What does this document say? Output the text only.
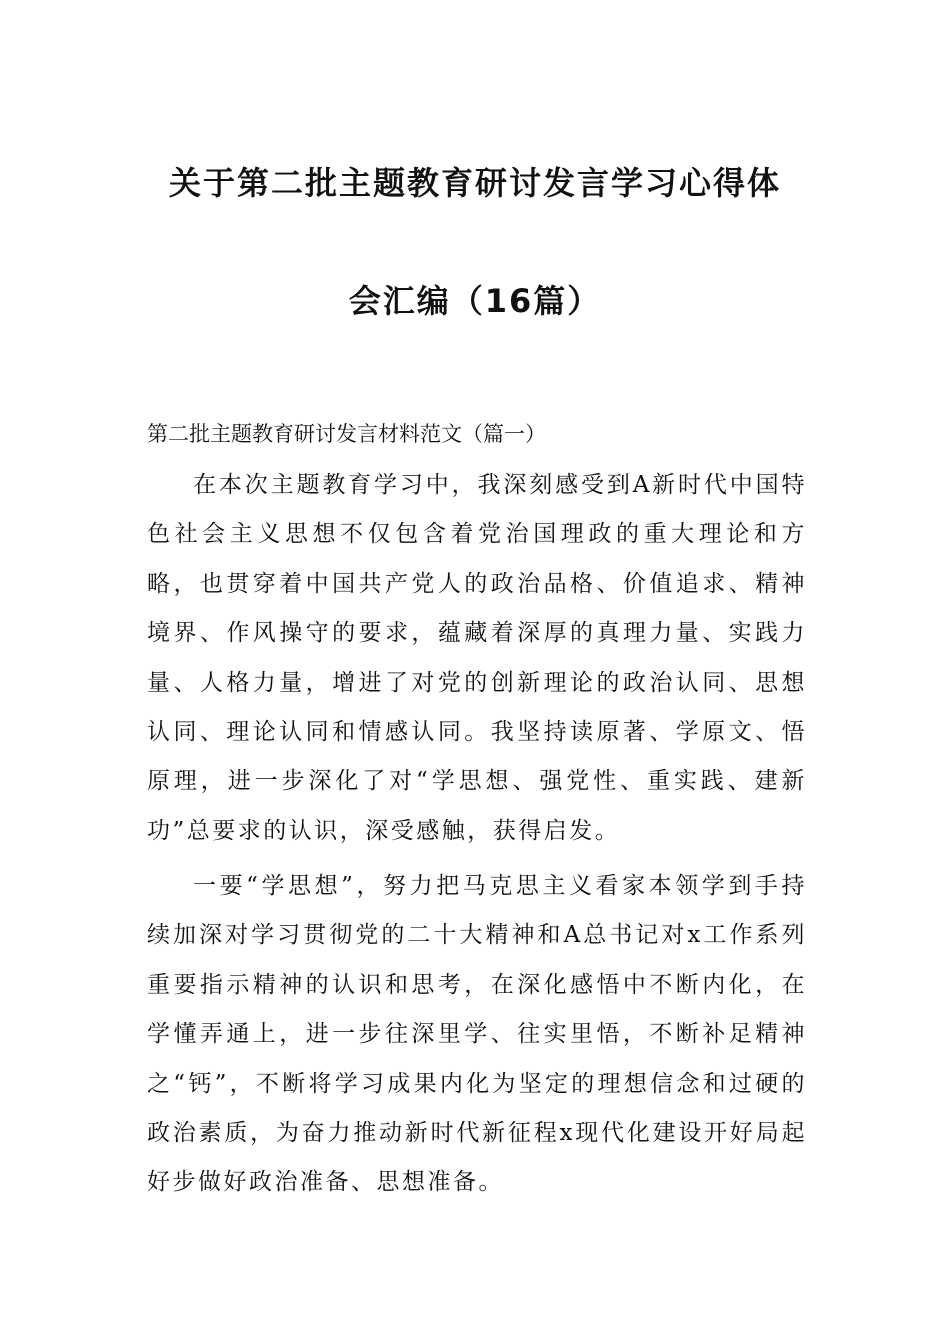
关于第二批主题教育研讨发言学习心得体
会汇编（16篇）
第二批主题教育研讨发言材料范文（篇一）

在本次主题教育学习中，我深刻感受到A新时代中国特色社会主义思想不仅包含着党治国理政的重大理论和方略，也贯穿着中国共产党人的政治品格、价值追求、精神境界、作风操守的要求，蕴藏着深厚的真理力量、实践力量、人格力量，增进了对党的创新理论的政治认同、思想认同、理论认同和情感认同。我坚持读原著、学原文、悟原理，进一步深化了对“学思想、强党性、重实践、建新功”总要求的认识，深受感触，获得启发。

一要“学思想”，努力把马克思主义看家本领学到手持续加深对学习贯彻党的二十大精神和A总书记对x工作系列重要指示精神的认识和思考，在深化感悟中不断内化，在学懂弄通上，进一步往深里学、往实里悟，不断补足精神之“钙”，不断将学习成果内化为坚定的理想信念和过硬的政治素质，为奋力推动新时代新征程x现代化建设开好局起好步做好政治准备、思想准备。
